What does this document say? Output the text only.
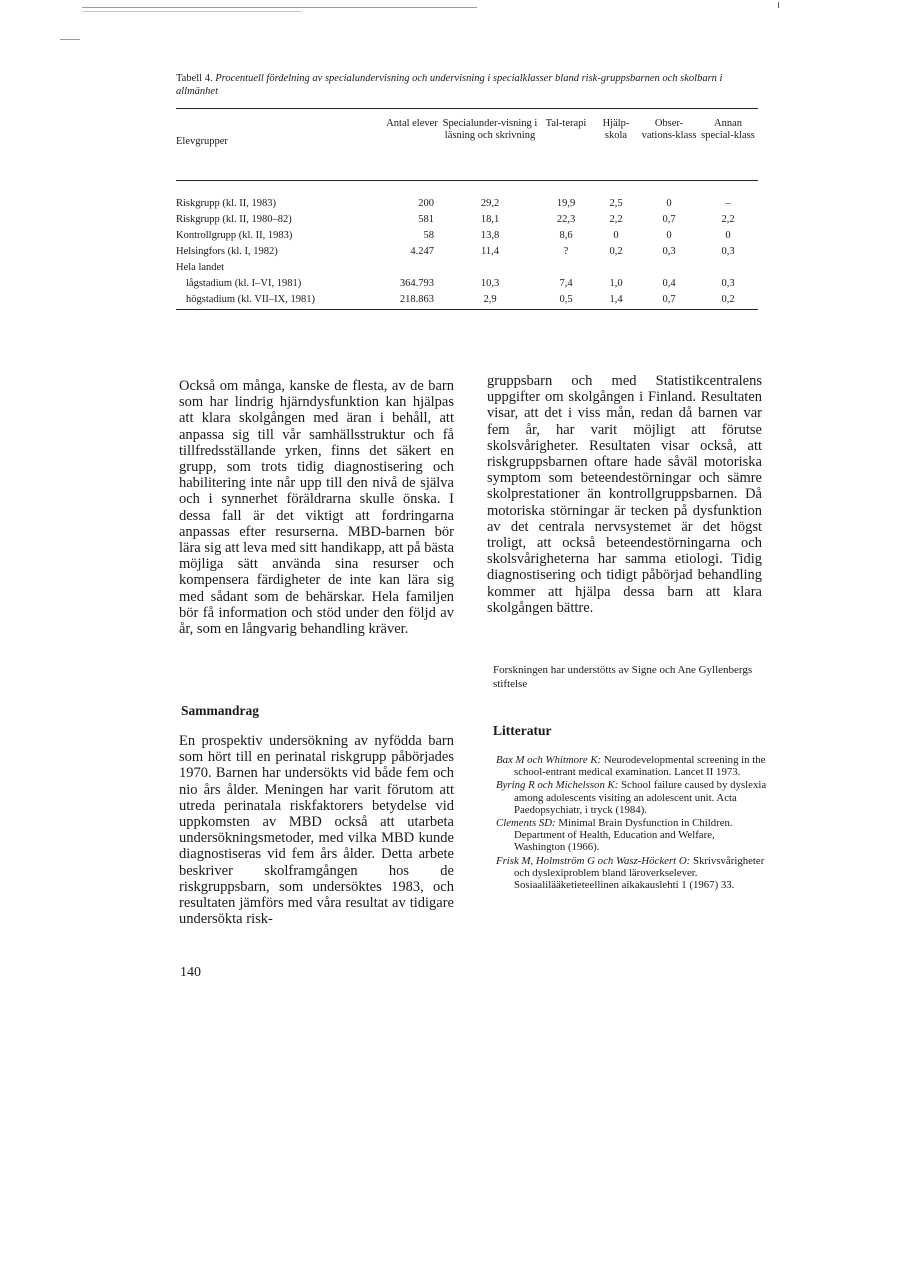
Tabell 4. Procentuell fördelning av specialundervisning och undervisning i specialklasser bland risk-gruppsbarnen och skolbarn i allmänhet
Elevgrupper	Antal elever	Specialunder-visning i läsning och skrivning	Tal-terapi	Hjälp-skola	Obser-vations-klass	Annan special-klass

Riskgrupp (kl. II, 1983)	200	29,2	19,9	2,5	0	–
Riskgrupp (kl. II, 1980–82)	581	18,1	22,3	2,2	0,7	2,2
Kontrollgrupp (kl. II, 1983)	58	13,8	8,6	0	0	0
Helsingfors (kl. I, 1982)	4.247	11,4	?	0,2	0,3	0,3
Hela landet						
lågstadium (kl. I–VI, 1981)	364.793	10,3	7,4	1,0	0,4	0,3
högstadium (kl. VII–IX, 1981)	218.863	2,9	0,5	1,4	0,7	0,2

Också om många, kanske de flesta, av de barn som har lindrig hjärndysfunktion kan hjälpas att klara skolgången med äran i behåll, att anpassa sig till vår samhällsstruktur och få tillfredsställande yrken, finns det säkert en grupp, som trots tidig diagnostisering och habilitering inte når upp till den nivå de själva och i synnerhet föräldrarna skulle önska. I dessa fall är det viktigt att fordringarna anpassas efter resurserna. MBD-barnen bör lära sig att leva med sitt handikapp, att på bästa möjliga sätt använda sina resurser och kompensera färdigheter de inte kan lära sig med sådant som de behärskar. Hela familjen bör få information och stöd under den följd av år, som en långvarig behandling kräver.

Sammandrag

En prospektiv undersökning av nyfödda barn som hört till en perinatal riskgrupp påbörjades 1970. Barnen har undersökts vid både fem och nio års ålder. Meningen har varit förutom att utreda perinatala riskfaktorers betydelse vid uppkomsten av MBD också att utarbeta undersökningsmetoder, med vilka MBD kunde diagnostiseras vid fem års ålder. Detta arbete beskriver skolframgången hos de riskgruppsbarn, som undersöktes 1983, och resultaten jämförs med våra resultat av tidigare undersökta risk-

gruppsbarn och med Statistikcentralens uppgifter om skolgången i Finland. Resultaten visar, att det i viss mån, redan då barnen var fem år, har varit möjligt att förutse skolsvårigheter. Resultaten visar också, att riskgruppsbarnen oftare hade såväl motoriska symptom som beteendestörningar och sämre skolprestationer än kontrollgruppsbarnen. Då motoriska störningar är tecken på dysfunktion av det centrala nervsystemet är det högst troligt, att också beteendestörningarna och skolsvårigheterna har samma etiologi. Tidig diagnostisering och tidigt påbörjad behandling kommer att hjälpa dessa barn att klara skolgången bättre.

Forskningen har understötts av Signe och Ane Gyllenbergs stiftelse
Litteratur

Bax M och Whitmore K: Neurodevelopmental screening in the school-entrant medical examination. Lancet II 1973.

Byring R och Michelsson K: School failure caused by dyslexia among adolescents visiting an adolescent unit. Acta Paedopsychiatr, i tryck (1984).

Clements SD: Minimal Brain Dysfunction in Children. Department of Health, Education and Welfare, Washington (1966).

Frisk M, Holmström G och Wasz-Höckert O: Skrivsvårigheter och dyslexiproblem bland läroverkselever. Sosiaalilääketieteellinen aikakauslehti 1 (1967) 33.

140
